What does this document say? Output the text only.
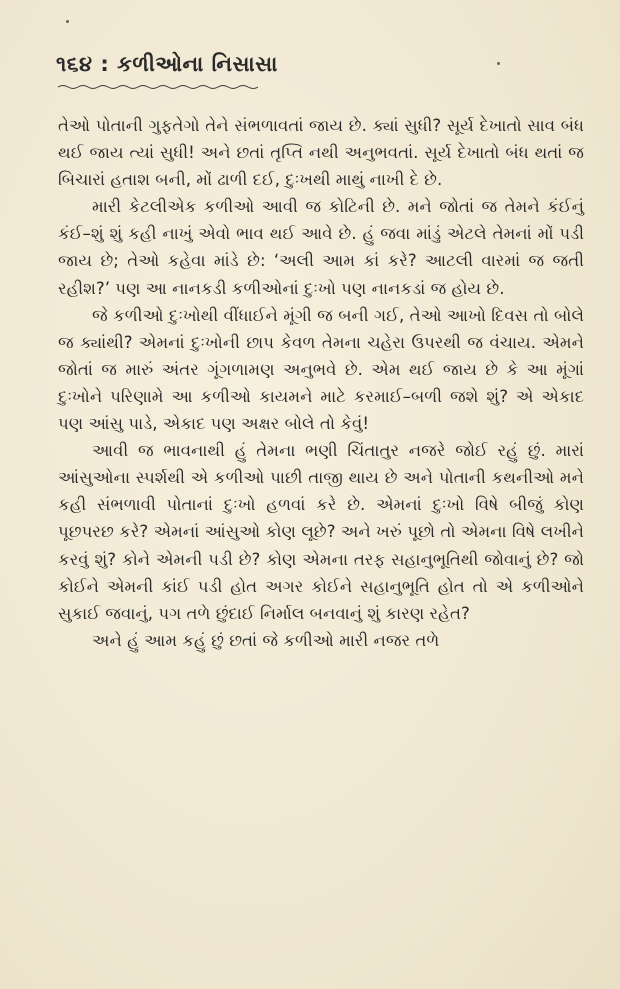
૧૬૪ : કળીઓના નિસાસા

તેઓ પોતાની ગુફતેગો તેને સંભળાવતાં જાય છે. ક્યાં સુધી? સૂર્ય દેખાતો સાવ બંધ થઈ જાય ત્યાં સુધી! અને છતાં તૃપ્તિ નથી અનુભવતાં. સૂર્ય દેખાતો બંધ થતાં જ બિચારાં હતાશ બની, મોં ઢાળી દઈ, દુઃખથી માથું નાખી દે છે.

મારી કેટલીએક કળીઓ આવી જ કોટિની છે. મને જોતાં જ તેમને કંઈનું કંઈ–શું શું કહી નાખું એવો ભાવ થઈ આવે છે. હું જવા માંડું એટલે તેમનાં મોં પડી જાય છે; તેઓ કહેવા માંડે છે: ‘અલી આમ કાં કરે? આટલી વારમાં જ જતી રહીશ?’ પણ આ નાનકડી કળીઓનાં દુઃખો પણ નાનકડાં જ હોય છે.

જે કળીઓ દુઃખોથી વીંધાઈને મૂંગી જ બની ગઈ, તેઓ આખો દિવસ તો બોલે જ ક્યાંથી? એમનાં દુઃખોની છાપ કેવળ તેમના ચહેરા ઉપરથી જ વંચાય. એમને જોતાં જ મારું અંતર ગૂંગળામણ અનુભવે છે. એમ થઈ જાય છે કે આ મૂંગાં દુઃખોને પરિણામે આ કળીઓ કાયમને માટે કરમાઈ–બળી જશે શું? એ એકાદ પણ આંસુ પાડે, એકાદ પણ અક્ષર બોલે તો કેવું!

આવી જ ભાવનાથી હું તેમના ભણી ચિંતાતુર નજરે જોઈ રહું છું. મારાં આંસુઓના સ્પર્શથી એ કળીઓ પાછી તાજી થાય છે અને પોતાની કથનીઓ મને કહી સંભળાવી પોતાનાં દુઃખો હળવાં કરે છે. એમનાં દુઃખો વિષે બીજું કોણ પૂછપરછ કરે? એમનાં આંસુઓ કોણ લૂછે? અને ખરું પૂછો તો એમના વિષે લખીને કરવું શું? કોને એમની પડી છે? કોણ એમના તરફ સહાનુભૂતિથી જોવાનું છે? જો કોઈને એમની કાંઈ પડી હોત અગર કોઈને સહાનુભૂતિ હોત તો એ કળીઓને સુકાઈ જવાનું, પગ તળે છુંદાઈ નિર્માલ બનવાનું શું કારણ રહેત?

અને હું આમ કહું છું છતાં જે કળીઓ મારી નજર તળે
